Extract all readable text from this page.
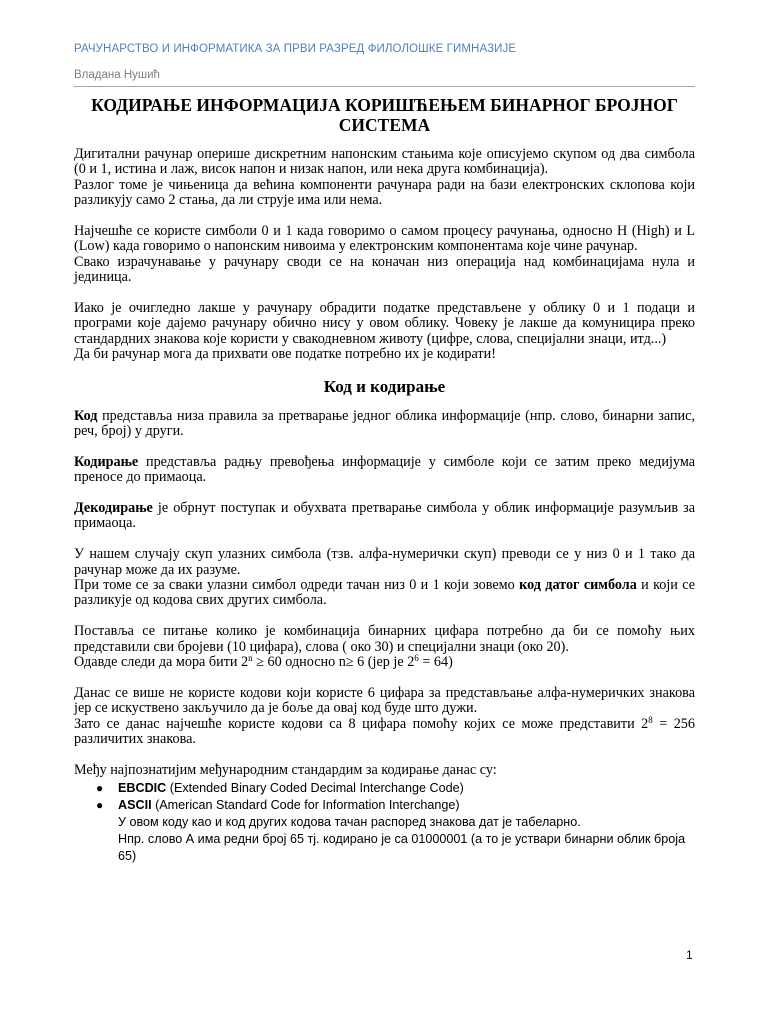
РАЧУНАРСТВО И ИНФОРМАТИКА ЗА ПРВИ РАЗРЕД ФИЛОЛОШКЕ ГИМНАЗИЈЕ
Владана Нушић
КОДИРАЊЕ ИНФОРМАЦИЈА КОРИШЋЕЊЕМ БИНАРНОГ БРОЈНОГ СИСТЕМА

Дигитални рачунар оперише дискретним напонским стањима које описујемо скупом од два симбола (0 и 1, истина и лаж, висок напон и низак напон, или нека друга комбинација).

Разлог томе је чињеница да већина компоненти рачунара ради на бази електронских склопова који разликују само 2 стања, да ли струје има или нема.

Најчешће се користе симболи 0 и 1 када говоримо о самом процесу рачунања, односно H (High) и L (Low) када говоримо о напонским нивоима у електронским компонентама које чине рачунар.

Свако израчунавање у рачунару своди се на коначан низ операција над комбинацијама нула и јединица.

Иако је очигледно лакше у рачунару обрадити податке представљене у облику 0 и 1 подаци и програми које дајемо рачунару обично нису у овом облику. Човеку је лакше да комуницира преко стандардних знакова које користи у свакодневном животу (цифре, слова, специјални знаци, итд...)

Да би рачунар мога да прихвати ове податке потребно их је кодирати!

Код и кодирање

Код представља низа правила за претварање једног облика информације (нпр. слово, бинарни запис, реч, број) у други.

Кодирање представља радњу превођења информације у симболе који се затим преко медијума преносе до примаоца.

Декодирање је обрнут поступак и обухвата претварање симбола у облик информације разумљив за примаоца.

У нашем случају скуп улазних симбола (тзв. алфа-нумерички скуп) преводи се у низ 0 и 1 тако да рачунар може да их разуме.

При томе се за сваки улазни симбол одреди тачан низ 0 и 1 који зовемо код датог симбола и који се разликује од кодова свих других симбола.

Поставља се питање колико је комбинација бинарних цифара потребно да би се помоћу њих представили сви бројеви (10 цифара), слова ( око 30) и специјални знаци (око 20).

Одавде следи да мора бити $2^n \ge 60$ односно n≥ 6 (јер је $2^6 = 64$)

Данас се више не користе кодови који користе 6 цифара за представљање алфа-нумеричких знакова јер се искуствено закључило да је боље да овај код буде што дужи.

Зато се данас најчешће користе кодови са 8 цифара помоћу којих се може представити $2^8 = 256$ различитих знакова.

Међу најпознатијим међународним стандардим за кодирање данас су:

● EBCDIC (Extended Binary Coded Decimal Interchange Code)
● ASCII (American Standard Code for Information Interchange)
У овом коду као и код других кодова тачан распоред знакова дат је табеларно.
Нпр. слово А има редни број 65 тј. кодирано је са 01000001 (а то је уствари бинарни облик броја 65)
1
